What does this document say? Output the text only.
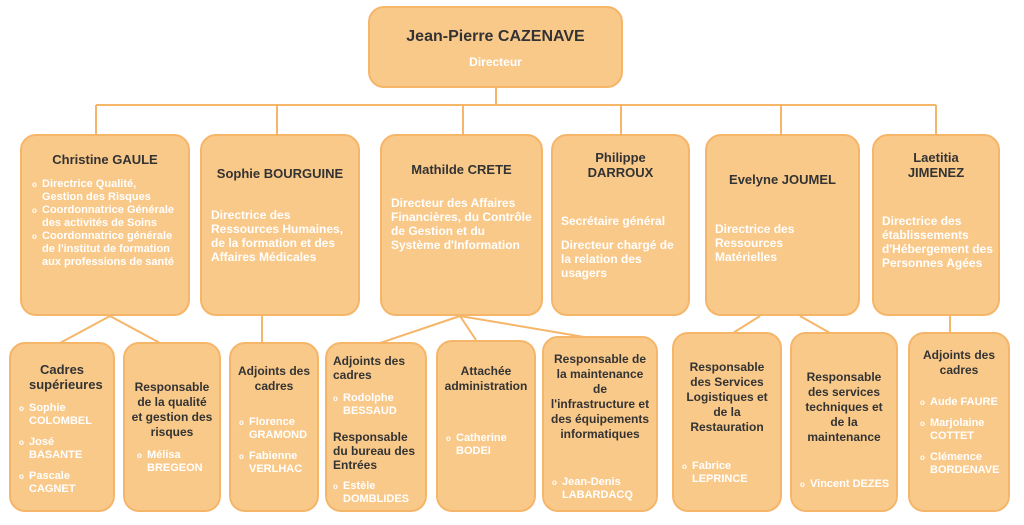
Jean-Pierre CAZENAVE
Directeur
Christine GAULE
o Directrice Qualité, Gestion des Risques
o Coordonnatrice Générale des activités de Soins
o Coordonnatrice générale de l'institut de formation aux professions de santé
Sophie BOURGUINE
Directrice des Ressources Humaines, de la formation et des Affaires Médicales
Mathilde CRETE
Directeur des Affaires Financières, du Contrôle de Gestion et du Système d'Information
Philippe DARROUX
Secrétaire général
Directeur chargé de la relation des usagers
Evelyne JOUMEL
Directrice des Ressources Matérielles
Laetitia JIMENEZ
Directrice des établissements d'Hébergement des Personnes Agées
Cadres supérieures
o Sophie COLOMBEL
o José BASANTE
o Pascale CAGNET
Responsable de la qualité et gestion des risques
o Mélisa BREGEON
Adjoints des cadres
o Florence GRAMOND
o Fabienne VERLHAC
Adjoints des cadres
o Rodolphe BESSAUD
Responsable du bureau des Entrées
o Estèle DOMBLIDES
Attachée administration
o Catherine BODEI
Responsable de la maintenance de l'infrastructure et des équipements informatiques
o Jean-Denis LABARDACQ
Responsable des Services Logistiques et de la Restauration
o Fabrice LEPRINCE
Responsable des services techniques et de la maintenance
o Vincent DEZES
Adjoints des cadres
o Aude FAURE
o Marjolaine COTTET
o Clémence BORDENAVE
